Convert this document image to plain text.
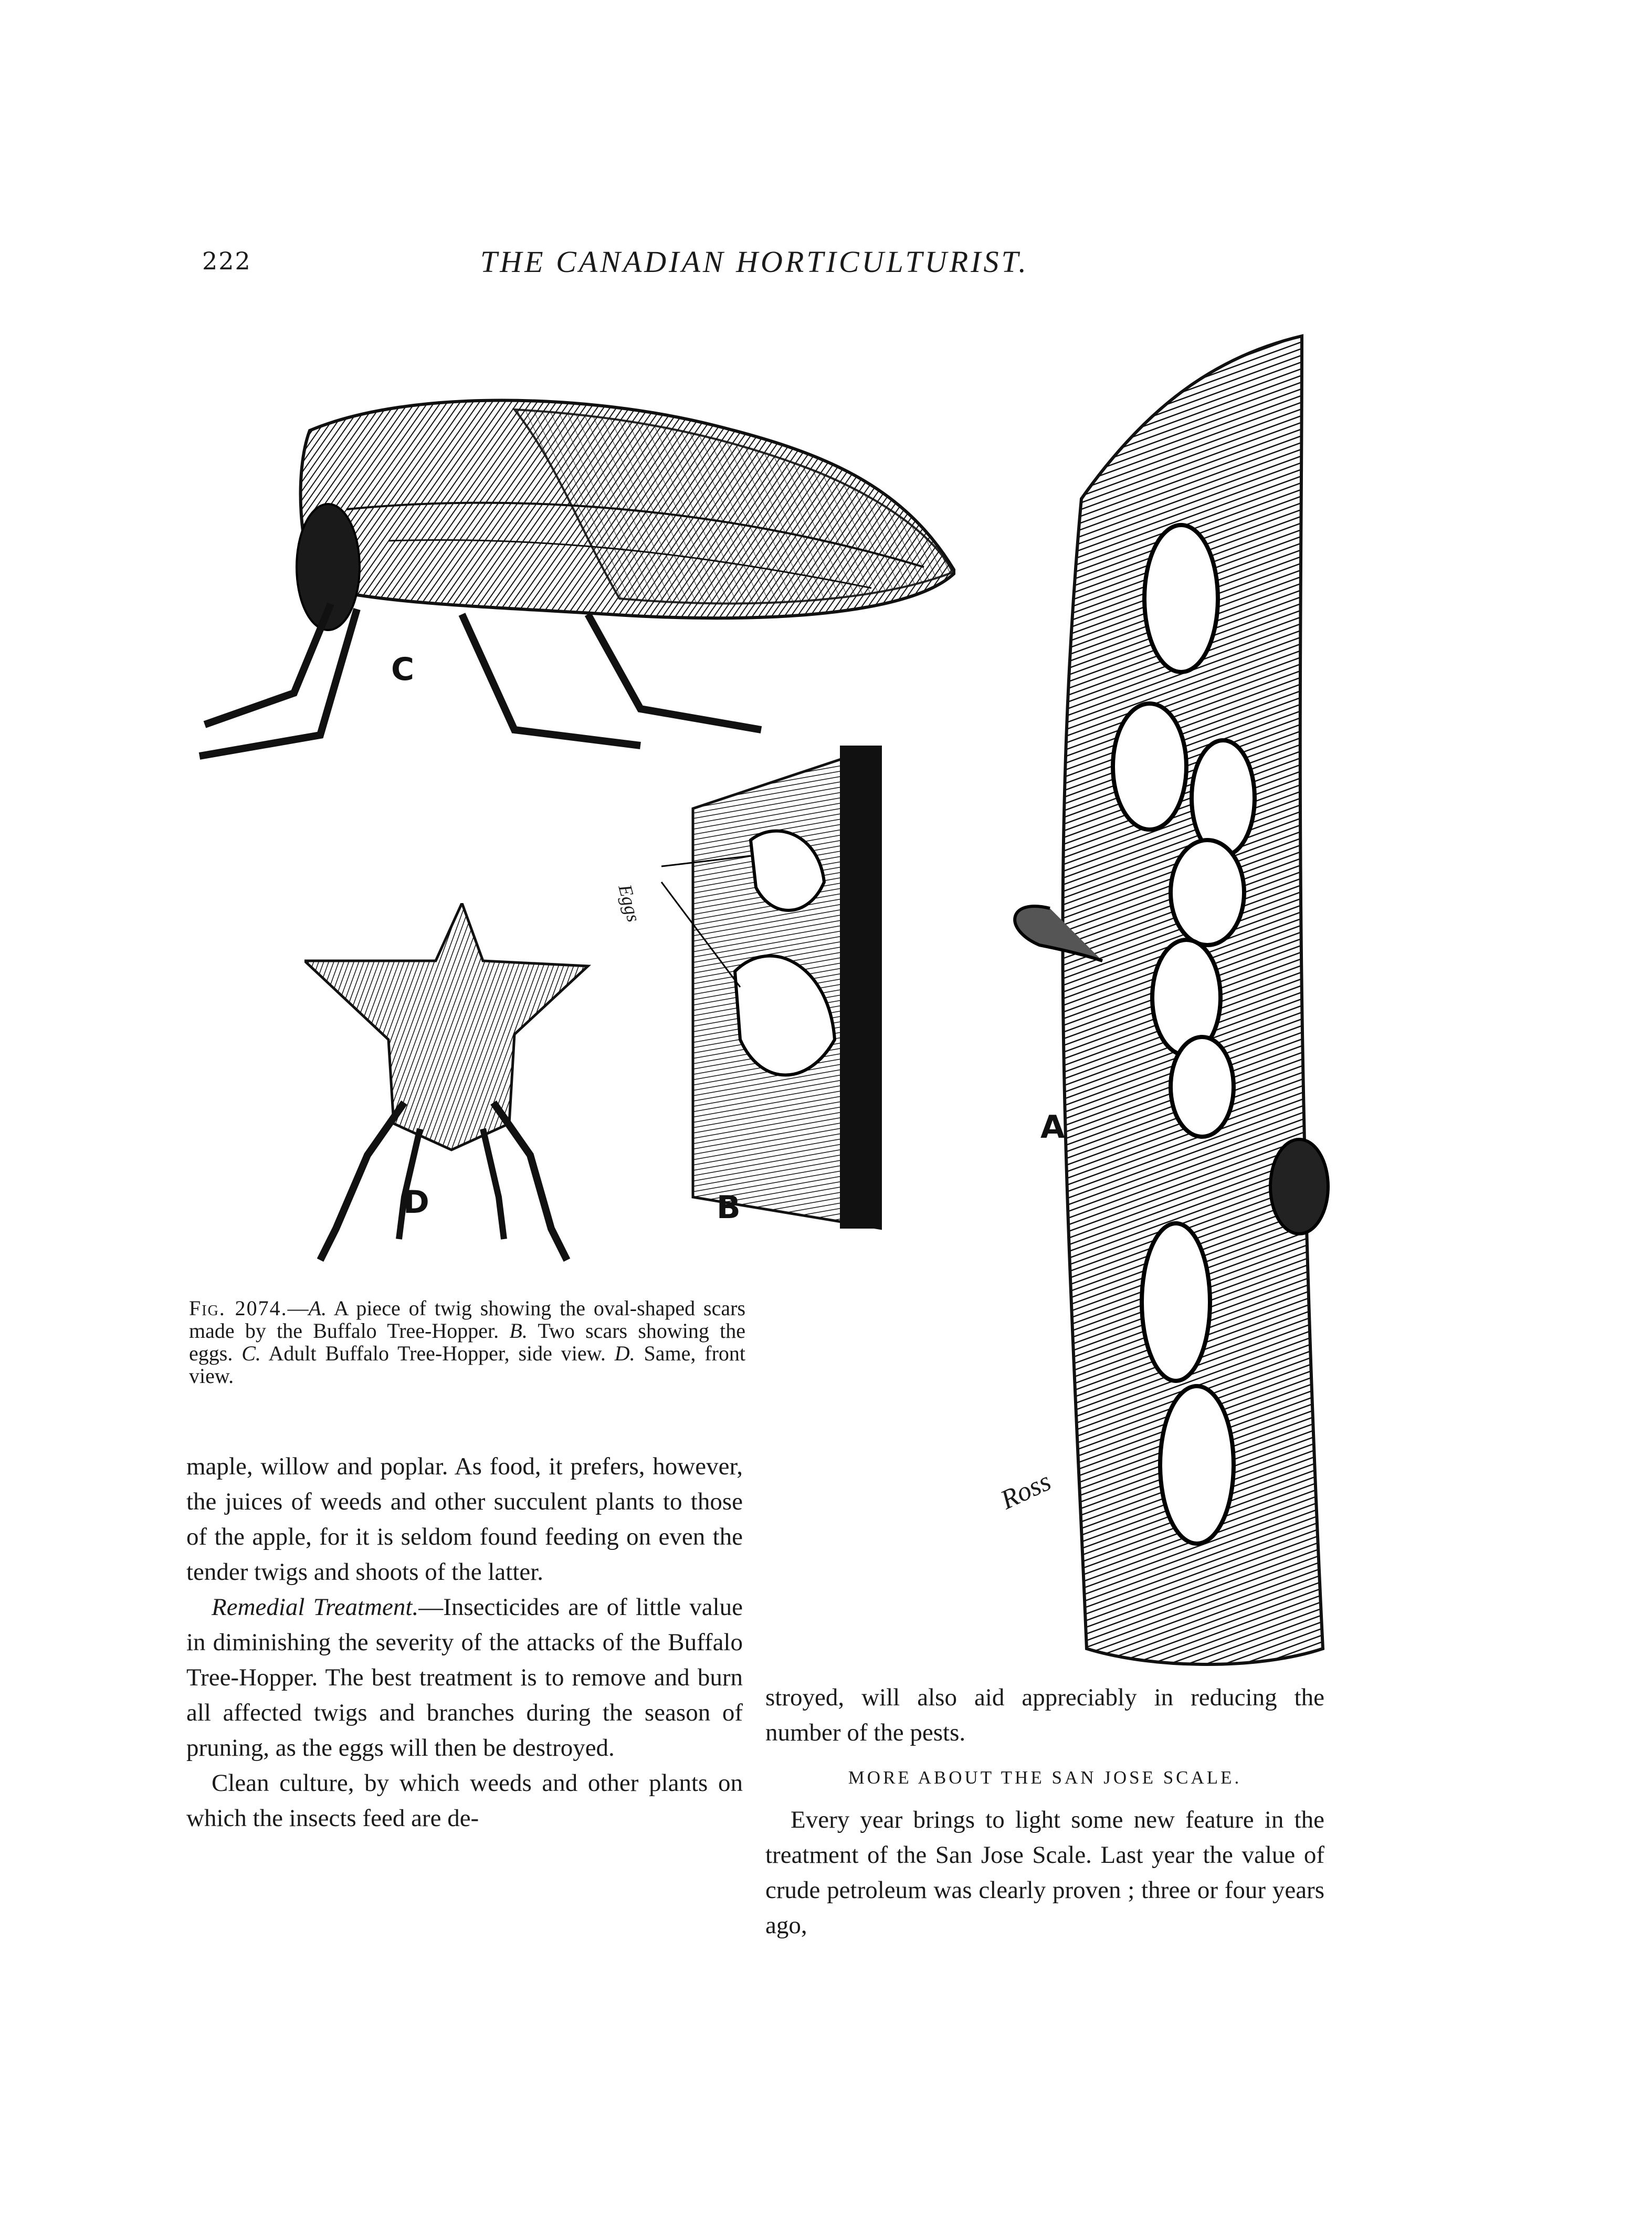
222	THE CANADIAN HORTICULTURIST.
C
Eggs
B
D
A
Ross
Fig. 2074.—A. A piece of twig showing the oval-shaped scars made by the Buffalo Tree-Hopper. B. Two scars showing the eggs. C. Adult Buffalo Tree-Hopper, side view. D. Same, front view.

maple, willow and poplar. As food, it prefers, however, the juices of weeds and other succulent plants to those of the apple, for it is seldom found feeding on even the tender twigs and shoots of the latter.

Remedial Treatment.—Insecticides are of little value in diminishing the severity of the attacks of the Buffalo Tree-Hopper. The best treatment is to remove and burn all affected twigs and branches during the season of pruning, as the eggs will then be destroyed.

Clean culture, by which weeds and other plants on which the insects feed are de-

stroyed, will also aid appreciably in reducing the number of the pests.

MORE ABOUT THE SAN JOSE SCALE.

Every year brings to light some new feature in the treatment of the San Jose Scale. Last year the value of crude petroleum was clearly proven ; three or four years ago,
